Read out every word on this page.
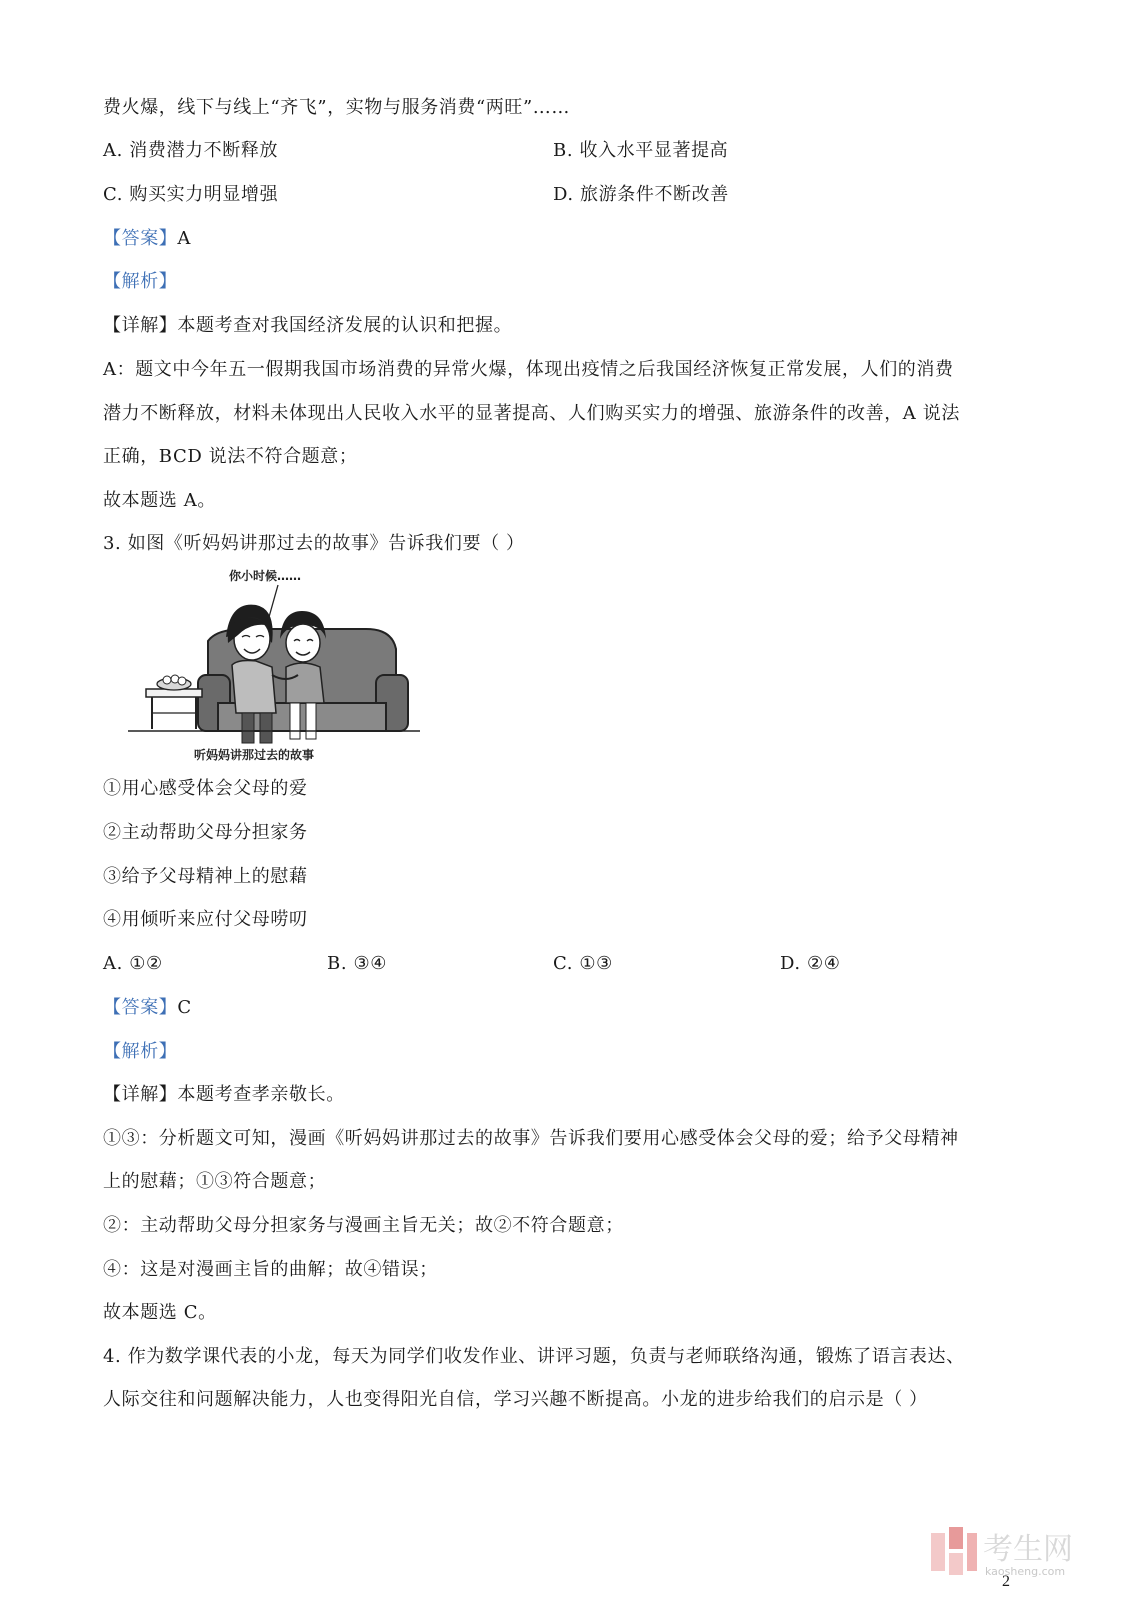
费火爆，线下与线上“齐飞”，实物与服务消费“两旺”……
A. 消费潜力不断释放	B. 收入水平显著提高
C. 购买实力明显增强	D. 旅游条件不断改善
【答案】A
【解析】
【详解】本题考查对我国经济发展的认识和把握。
A：题文中今年五一假期我国市场消费的异常火爆，体现出疫情之后我国经济恢复正常发展，人们的消费
潜力不断释放，材料未体现出人民收入水平的显著提高、人们购买实力的增强、旅游条件的改善，A 说法
正确，BCD 说法不符合题意；
故本题选 A。
3. 如图《听妈妈讲那过去的故事》告诉我们要（ ）
你小时候……
听妈妈讲那过去的故事
①用心感受体会父母的爱
②主动帮助父母分担家务
③给予父母精神上的慰藉
④用倾听来应付父母唠叨
A. ①②	B. ③④	C. ①③	D. ②④
【答案】C
【解析】
【详解】本题考查孝亲敬长。
①③：分析题文可知，漫画《听妈妈讲那过去的故事》告诉我们要用心感受体会父母的爱；给予父母精神
上的慰藉；①③符合题意；
②：主动帮助父母分担家务与漫画主旨无关；故②不符合题意；
④：这是对漫画主旨的曲解；故④错误；
故本题选 C。
4. 作为数学课代表的小龙，每天为同学们收发作业、讲评习题，负责与老师联络沟通，锻炼了语言表达、
人际交往和问题解决能力，人也变得阳光自信，学习兴趣不断提高。小龙的进步给我们的启示是（ ）
考生网
kaosheng.com
2
